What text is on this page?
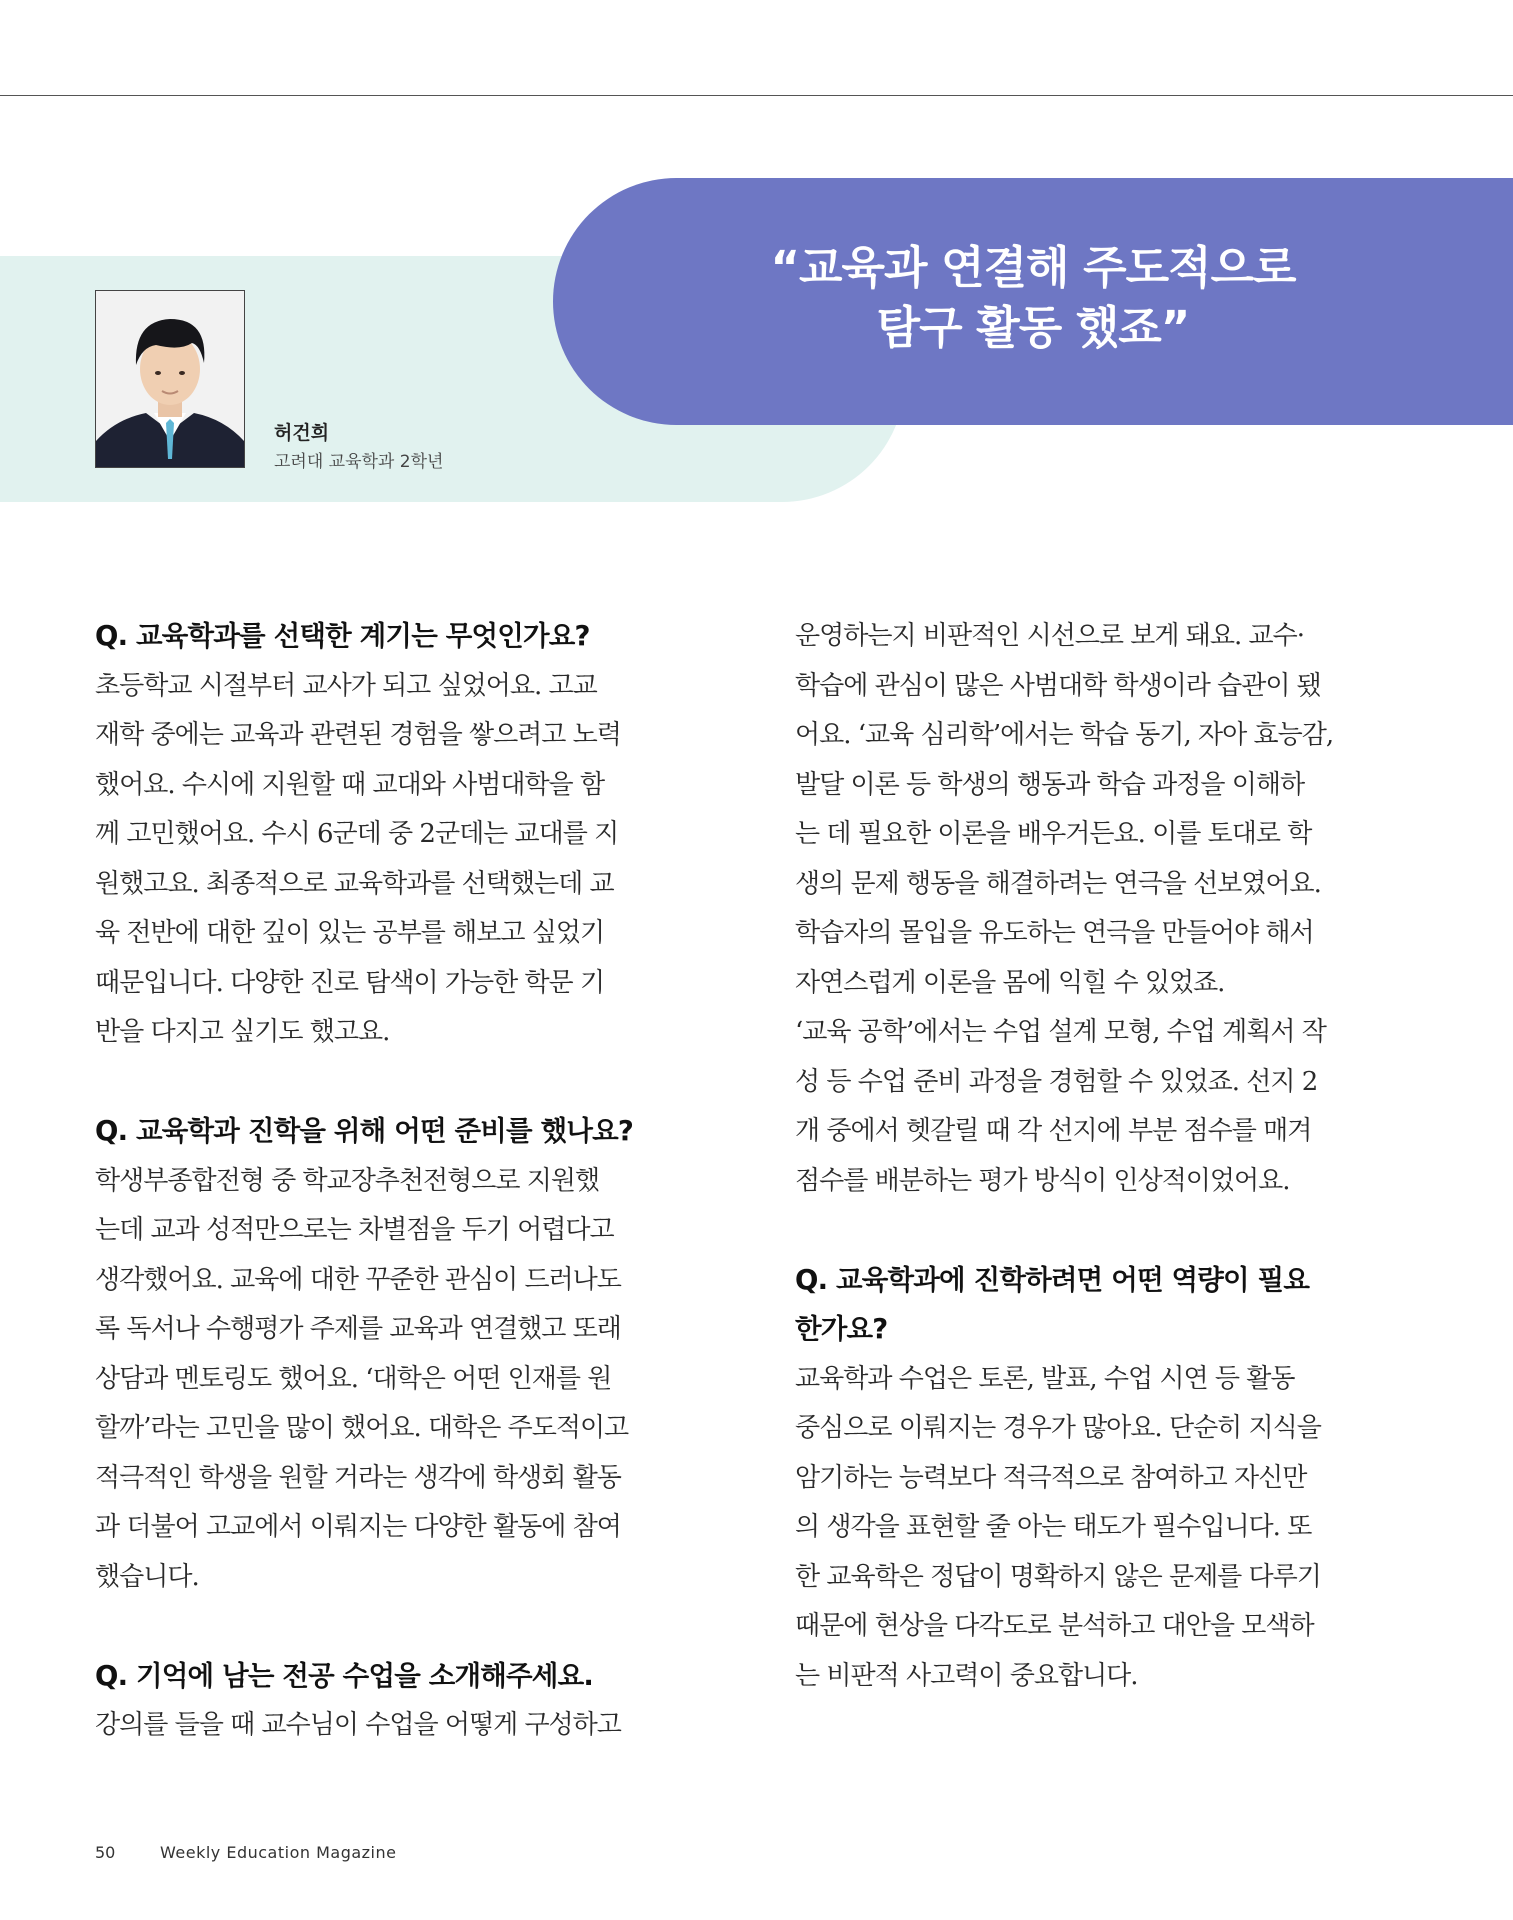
“교육과 연결해 주도적으로
탐구 활동 했죠”
허건희
고려대 교육학과 2학년
Q. 교육학과를 선택한 계기는 무엇인가요?
초등학교 시절부터 교사가 되고 싶었어요. 고교
재학 중에는 교육과 관련된 경험을 쌓으려고 노력
했어요. 수시에 지원할 때 교대와 사범대학을 함
께 고민했어요. 수시 6군데 중 2군데는 교대를 지
원했고요. 최종적으로 교육학과를 선택했는데 교
육 전반에 대한 깊이 있는 공부를 해보고 싶었기
때문입니다. 다양한 진로 탐색이 가능한 학문 기
반을 다지고 싶기도 했고요.
Q. 교육학과 진학을 위해 어떤 준비를 했나요?
학생부종합전형 중 학교장추천전형으로 지원했
는데 교과 성적만으로는 차별점을 두기 어렵다고
생각했어요. 교육에 대한 꾸준한 관심이 드러나도
록 독서나 수행평가 주제를 교육과 연결했고 또래
상담과 멘토링도 했어요. ‘대학은 어떤 인재를 원
할까’라는 고민을 많이 했어요. 대학은 주도적이고
적극적인 학생을 원할 거라는 생각에 학생회 활동
과 더불어 고교에서 이뤄지는 다양한 활동에 참여
했습니다.
Q. 기억에 남는 전공 수업을 소개해주세요.
강의를 들을 때 교수님이 수업을 어떻게 구성하고
운영하는지 비판적인 시선으로 보게 돼요. 교수·
학습에 관심이 많은 사범대학 학생이라 습관이 됐
어요. ‘교육 심리학’에서는 학습 동기, 자아 효능감,
발달 이론 등 학생의 행동과 학습 과정을 이해하
는 데 필요한 이론을 배우거든요. 이를 토대로 학
생의 문제 행동을 해결하려는 연극을 선보였어요.
학습자의 몰입을 유도하는 연극을 만들어야 해서
자연스럽게 이론을 몸에 익힐 수 있었죠.
‘교육 공학’에서는 수업 설계 모형, 수업 계획서 작
성 등 수업 준비 과정을 경험할 수 있었죠. 선지 2
개 중에서 헷갈릴 때 각 선지에 부분 점수를 매겨
점수를 배분하는 평가 방식이 인상적이었어요.
Q. 교육학과에 진학하려면 어떤 역량이 필요
한가요?
교육학과 수업은 토론, 발표, 수업 시연 등 활동
중심으로 이뤄지는 경우가 많아요. 단순히 지식을
암기하는 능력보다 적극적으로 참여하고 자신만
의 생각을 표현할 줄 아는 태도가 필수입니다. 또
한 교육학은 정답이 명확하지 않은 문제를 다루기
때문에 현상을 다각도로 분석하고 대안을 모색하
는 비판적 사고력이 중요합니다.
50	Weekly Education Magazine
